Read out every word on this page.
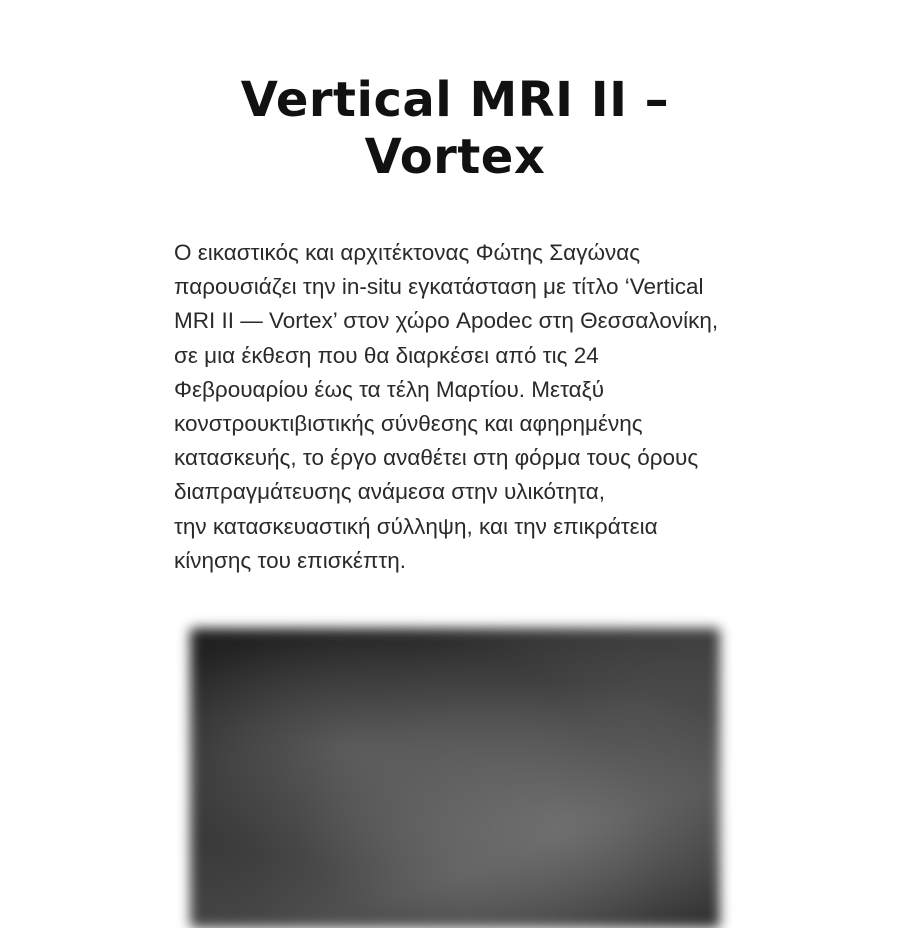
Vertical MRI II –
Vortex

Ο εικαστικός και αρχιτέκτονας Φώτης Σαγώνας
παρουσιάζει την in-situ εγκατάσταση με τίτλο ‘Vertical
MRI II — Vortex’ στον χώρο Apodec στη Θεσσαλονίκη,
σε μια έκθεση που θα διαρκέσει από τις 24
Φεβρουαρίου έως τα τέλη Μαρτίου. Μεταξύ
κονστρουκτιβιστικής σύνθεσης και αφηρημένης
κατασκευής, το έργο αναθέτει στη φόρμα τους όρους
διαπραγμάτευσης ανάμεσα στην υλικότητα,
την κατασκευαστική σύλληψη, και την επικράτεια
κίνησης του επισκέπτη.
